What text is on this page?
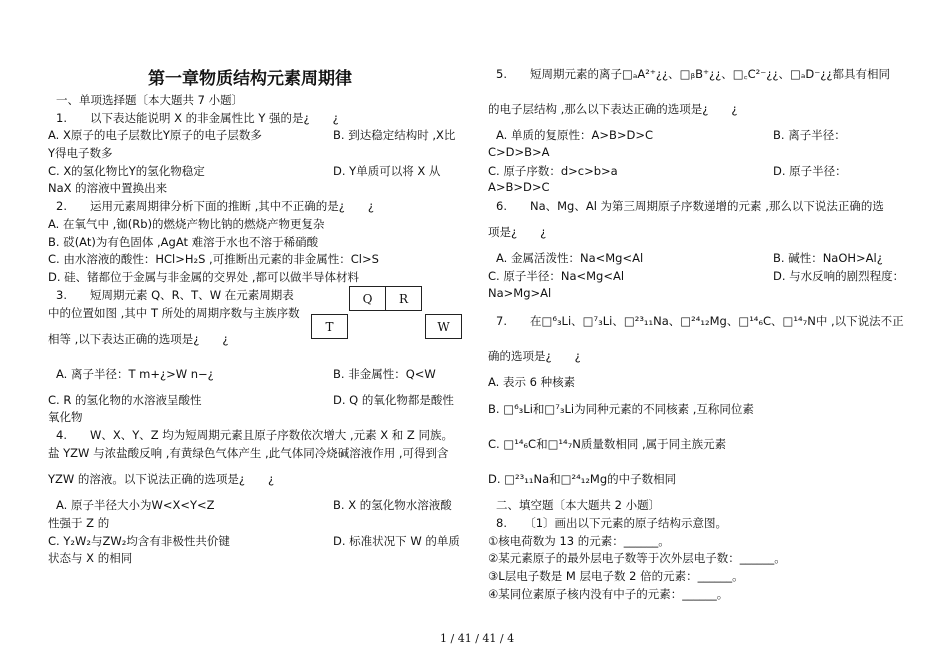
第一章物质结构元素周期律
一、单项选择题〔本大题共 7 小题〕
1.　　以下表达能说明 X 的非金属性比 Y 强的是¿　　¿
A. X原子的电子层数比Y原子的电子层数多	B. 到达稳定结构时 ,X比
Y得电子数多
C. X的氢化物比Y的氢化物稳定	D. Y单质可以将 X 从
NaX 的溶液中置换出来
2.　　运用元素周期律分析下面的推断 ,其中不正确的是¿　　¿
A. 在氧气中 ,铷(Rb)的燃烧产物比钠的燃烧产物更复杂
B. 砹(At)为有色固体 ,AgAt 难溶于水也不溶于稀硝酸
C. 由水溶液的酸性：HCl>H₂S ,可推断出元素的非金属性：Cl>S
D. 硅、锗都位于金属与非金属的交界处 ,都可以做半导体材料
3.　　短周期元素 Q、R、T、W 在元素周期表
中的位置如图 ,其中 T 所处的周期序数与主族序数
相等 ,以下表达正确的选项是¿　　¿
Q	R
T	W
A. 离子半径：T m+¿>W n−¿	B. 非金属性：Q<W
C. R 的氢化物的水溶液呈酸性	D. Q 的氧化物都是酸性
氧化物
4.　　W、X、Y、Z 均为短周期元素且原子序数依次增大 ,元素 X 和 Z 同族。
盐 YZW 与浓盐酸反响 ,有黄绿色气体产生 ,此气体同冷烧碱溶液作用 ,可得到含
YZW 的溶液。以下说法正确的选项是¿　　¿
A. 原子半径大小为W<X<Y<Z	B. X 的氢化物水溶液酸
性强于 Z 的
C. Y₂W₂与ZW₂均含有非极性共价键	D. 标准状况下 W 的单质
状态与 X 的相同
5.　　短周期元素的离子□ₐA²⁺¿¿、□ᵦB⁺¿¿、□꜀C²⁻¿¿、□ₐD⁻¿¿都具有相同
的电子层结构 ,那么以下表达正确的选项是¿　　¿
A. 单质的复原性：A>B>D>C	B. 离子半径：
C>D>B>A
C. 原子序数：d>c>b>a	D. 原子半径：
A>B>D>C
6.　　Na、Mg、Al 为第三周期原子序数递增的元素 ,那么以下说法正确的选
项是¿　　¿
A. 金属活泼性：Na<Mg<Al	B. 碱性：NaOH>Al¿
C. 原子半径：Na<Mg<Al	D. 与水反响的剧烈程度：
Na>Mg>Al
7.　　在□⁶₃Li、□⁷₃Li、□²³₁₁Na、□²⁴₁₂Mg、□¹⁴₆C、□¹⁴₇N中 ,以下说法不正
确的选项是¿　　¿
A. 表示 6 种核素
B. □⁶₃Li和□⁷₃Li为同种元素的不同核素 ,互称同位素
C. □¹⁴₆C和□¹⁴₇N质量数相同 ,属于同主族元素
D. □²³₁₁Na和□²⁴₁₂Mg的中子数相同
二、填空题〔本大题共 2 小题〕
8.　　〔1〕画出以下元素的原子结构示意图。
①核电荷数为 13 的元素：______。
②某元素原子的最外层电子数等于次外层电子数：______。
③L层电子数是 M 层电子数 2 倍的元素：______。
④某同位素原子核内没有中子的元素：______。
1 / 41 / 41 / 4
